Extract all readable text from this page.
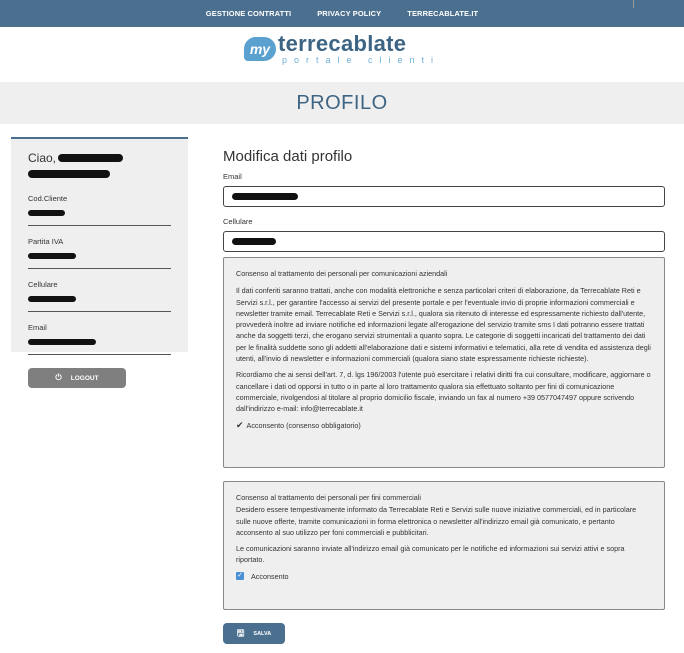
GESTIONE CONTRATTI	PRIVACY POLICY	TERRECABLATE.IT
my terrecablate
portale clienti
PROFILO
Ciao,
Cod.Cliente
Partita IVA
Cellulare
Email
⏻ LOGOUT
Modifica dati profilo
Email
Cellulare
Consenso al trattamento dei personali per comunicazioni aziendali

Il dati conferiti saranno trattati, anche con modalità elettroniche e senza particolari criteri di elaborazione, da Terrecablate Reti e Servizi s.r.l., per garantire l'accesso ai servizi del presente portale e per l'eventuale invio di proprie informazioni commerciali e newsletter tramite email. Terrecablate Reti e Servizi s.r.l., qualora sia ritenuto di interesse ed espressamente richiesto dall'utente, provvederà inoltre ad inviare notifiche ed informazioni legate all'erogazione del servizio tramite sms I dati potranno essere trattati anche da soggetti terzi, che erogano servizi strumentali a quanto sopra. Le categorie di soggetti incaricati del trattamento dei dati per le finalità suddette sono gli addetti all'elaborazione dati e sistemi informativi e telematici, alla rete di vendita ed assistenza degli utenti, all'invio di newsletter e informazioni commerciali (qualora siano state espressamente richieste richieste).

Ricordiamo che ai sensi dell'art. 7, d. lgs 196/2003 l'utente può esercitare i relativi diritti fra cui consultare, modificare, aggiornare o cancellare i dati od opporsi in tutto o in parte al loro trattamento qualora sia effettuato soltanto per fini di comunicazione commerciale, rivolgendosi al titolare al proprio domicilio fiscale, inviando un fax al numero +39 0577047497 oppure scrivendo dall'indirizzo e-mail: info@terrecablate.it

✔ Acconsento (consenso obbligatorio)
Consenso al trattamento dei personali per fini commerciali

Desidero essere tempestivamente informato da Terrecablate Reti e Servizi sulle nuove iniziative commerciali, ed in particolare sulle nuove offerte, tramite comunicazioni in forma elettronica o newsletter all'indirizzo email già comunicato, e pertanto acconsento al suo utilizzo per foni commerciali e pubblicitari.

Le comunicazioni saranno inviate all'indirizzo email già comunicato per le notifiche ed informazioni sui servizi attivi e sopra riportato.

✓ Acconsento
🖫 SALVA
